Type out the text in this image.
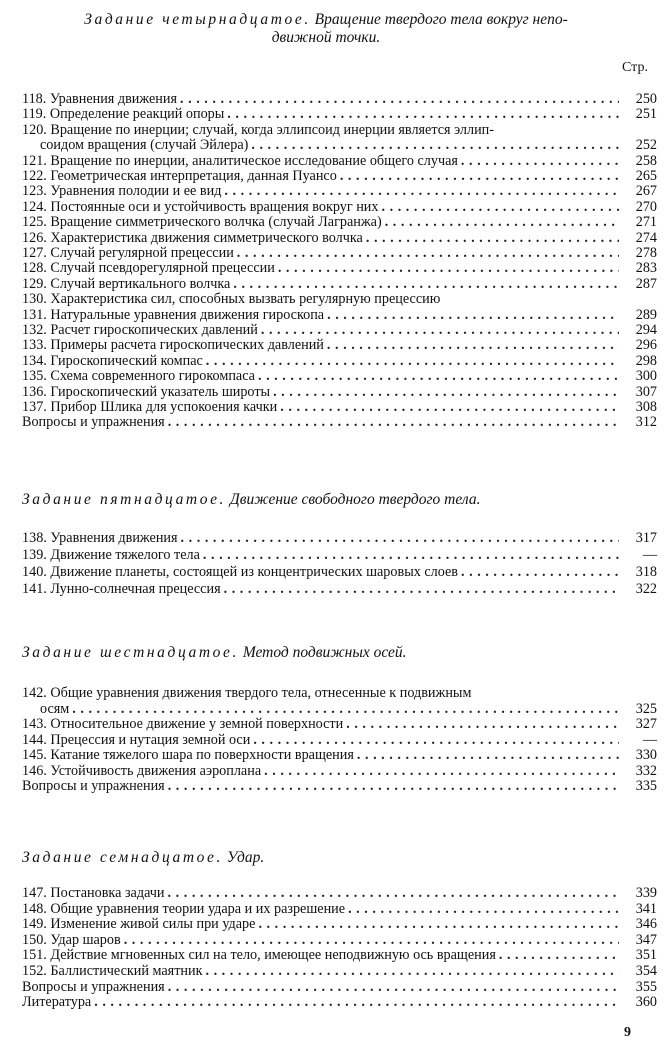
Задание четырнадцатое. Вращение твердого тела вокруг непо-
движной точки.
Стр.
118. Уравнения движения . . .	250
119. Определение реакций опоры . . .	251
120. Вращение по инерции; случай, когда эллипсоид инерции является эллип-
соидом вращения (случай Эйлера) . . .	252
121. Вращение по инерции, аналитическое исследование общего случая . . .	258
122. Геометрическая интерпретация, данная Пуансо . . .	265
123. Уравнения полодии и ее вид . . .	267
124. Постоянные оси и устойчивость вращения вокруг них . . .	270
125. Вращение симметрического волчка (случай Лагранжа) . . .	271
126. Характеристика движения симметрического волчка . . .	274
127. Случай регулярной прецессии . . .	278
128. Случай псевдорегулярной прецессии . . .	283
129. Случай вертикального волчка . . .	287
130. Характеристика сил, способных вызвать регулярную прецессию
131. Натуральные уравнения движения гироскопа . . .	289
132. Расчет гироскопических давлений . . .	294
133. Примеры расчета гироскопических давлений . . .	296
134. Гироскопический компас . . .	298
135. Схема современного гирокомпаса . . .	300
136. Гироскопический указатель широты . . .	307
137. Прибор Шлика для успокоения качки . . .	308
Вопросы и упражнения . . .	312
Задание пятнадцатое. Движение свободного твердого тела.
138. Уравнения движения . . .	317
139. Движение тяжелого тела . . .	—
140. Движение планеты, состоящей из концентрических шаровых слоев . . .	318
141. Лунно-солнечная прецессия . . .	322
Задание шестнадцатое. Метод подвижных осей.
142. Общие уравнения движения твердого тела, отнесенные к подвижным
осям . . .	325
143. Относительное движение у земной поверхности . . .	327
144. Прецессия и нутация земной оси . . .	—
145. Катание тяжелого шара по поверхности вращения . . .	330
146. Устойчивость движения аэроплана . . .	332
Вопросы и упражнения . . .	335
Задание семнадцатое. Удар.
147. Постановка задачи . . .	339
148. Общие уравнения теории удара и их разрешение . . .	341
149. Изменение живой силы при ударе . . .	346
150. Удар шаров . . .	347
151. Действие мгновенных сил на тело, имеющее неподвижную ось вращения . . .	351
152. Баллистический маятник . . .	354
Вопросы и упражнения . . .	355
Литература . . .	360
9
